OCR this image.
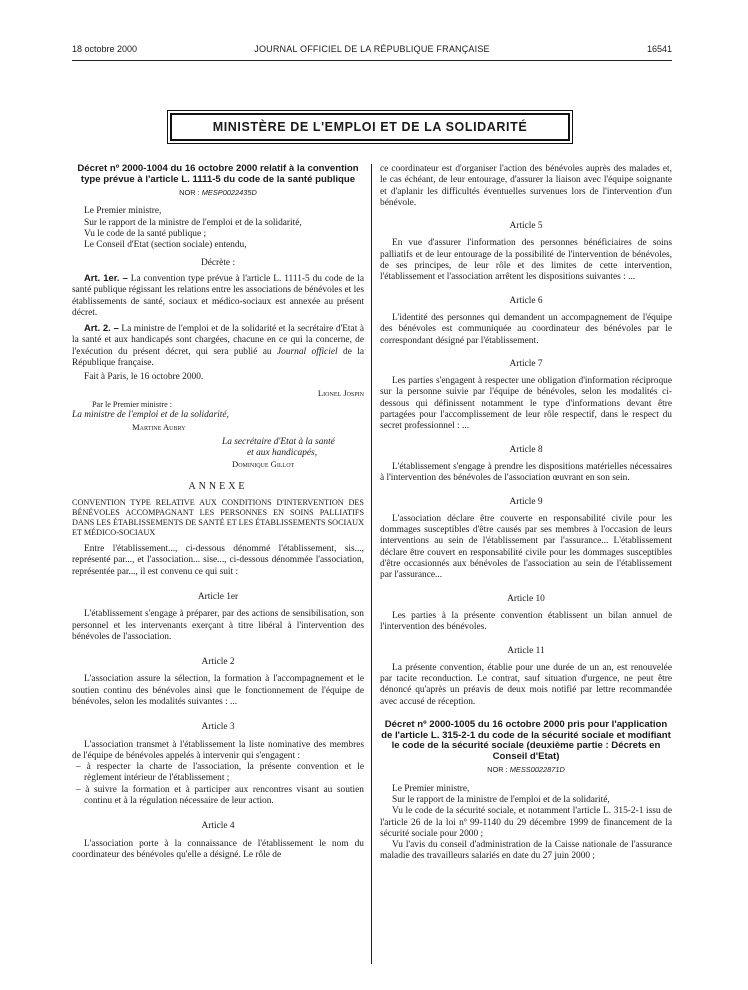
18 octobre 2000	JOURNAL OFFICIEL DE LA RÉPUBLIQUE FRANÇAISE	16541
MINISTÈRE DE L'EMPLOI ET DE LA SOLIDARITÉ
Décret nº 2000-1004 du 16 octobre 2000 relatif à la convention type prévue à l'article L. 1111-5 du code de la santé publique
NOR : MESP0022435D

Le Premier ministre,

Sur le rapport de la ministre de l'emploi et de la solidarité,

Vu le code de la santé publique ;

Le Conseil d'Etat (section sociale) entendu,

Décrète :

Art. 1er. – La convention type prévue à l'article L. 1111-5 du code de la santé publique régissant les relations entre les associations de bénévoles et les établissements de santé, sociaux et médico-sociaux est annexée au présent décret.

Art. 2. – La ministre de l'emploi et de la solidarité et la secrétaire d'Etat à la santé et aux handicapés sont chargées, chacune en ce qui la concerne, de l'exécution du présent décret, qui sera publié au Journal officiel de la République française.

Fait à Paris, le 16 octobre 2000.

Lionel Jospin

Par le Premier ministre :

La ministre de l'emploi et de la solidarité,

Martine Aubry

La secrétaire d'Etat à la santé

et aux handicapés,

Dominique Gillot

ANNEXE

CONVENTION TYPE RELATIVE AUX CONDITIONS D'INTERVENTION DES BÉNÉVOLES ACCOMPAGNANT LES PERSONNES EN SOINS PALLIATIFS DANS LES ÉTABLISSEMENTS DE SANTÉ ET LES ÉTABLISSEMENTS SOCIAUX ET MÉDICO-SOCIAUX

Entre l'établissement..., ci-dessous dénommé l'établissement, sis..., représenté par..., et l'association... sise..., ci-dessous dénommée l'association, représentée par..., il est convenu ce qui suit :

Article 1er

L'établissement s'engage à préparer, par des actions de sensibilisation, son personnel et les intervenants exerçant à titre libéral à l'intervention des bénévoles de l'association.

Article 2

L'association assure la sélection, la formation à l'accompagnement et le soutien continu des bénévoles ainsi que le fonctionnement de l'équipe de bénévoles, selon les modalités suivantes : ...

Article 3

L'association transmet à l'établissement la liste nominative des membres de l'équipe de bénévoles appelés à intervenir qui s'engagent :

– à respecter la charte de l'association, la présente convention et le règlement intérieur de l'établissement ;
– à suivre la formation et à participer aux rencontres visant au soutien continu et à la régulation nécessaire de leur action.

Article 4

L'association porte à la connaissance de l'établissement le nom du coordinateur des bénévoles qu'elle a désigné. Le rôle de

ce coordinateur est d'organiser l'action des bénévoles auprès des malades et, le cas échéant, de leur entourage, d'assurer la liaison avec l'équipe soignante et d'aplanir les difficultés éventuelles survenues lors de l'intervention d'un bénévole.

Article 5

En vue d'assurer l'information des personnes bénéficiaires de soins palliatifs et de leur entourage de la possibilité de l'intervention de bénévoles, de ses principes, de leur rôle et des limites de cette intervention, l'établissement et l'association arrêtent les dispositions suivantes : ...

Article 6

L'identité des personnes qui demandent un accompagnement de l'équipe des bénévoles est communiquée au coordinateur des bénévoles par le correspondant désigné par l'établissement.

Article 7

Les parties s'engagent à respecter une obligation d'information réciproque sur la personne suivie par l'équipe de bénévoles, selon les modalités ci-dessous qui définissent notamment le type d'informations devant être partagées pour l'accomplissement de leur rôle respectif, dans le respect du secret professionnel : ...

Article 8

L'établissement s'engage à prendre les dispositions matérielles nécessaires à l'intervention des bénévoles de l'association œuvrant en son sein.

Article 9

L'association déclare être couverte en responsabilité civile pour les dommages susceptibles d'être causés par ses membres à l'occasion de leurs interventions au sein de l'établissement par l'assurance... L'établissement déclare être couvert en responsabilité civile pour les dommages susceptibles d'être occasionnés aux bénévoles de l'association au sein de l'établissement par l'assurance...

Article 10

Les parties à la présente convention établissent un bilan annuel de l'intervention des bénévoles.

Article 11

La présente convention, établie pour une durée de un an, est renouvelée par tacite reconduction. Le contrat, sauf situation d'urgence, ne peut être dénoncé qu'après un préavis de deux mois notifié par lettre recommandée avec accusé de réception.

Décret nº 2000-1005 du 16 octobre 2000 pris pour l'application de l'article L. 315-2-1 du code de la sécurité sociale et modifiant le code de la sécurité sociale (deuxième partie : Décrets en Conseil d'Etat)
NOR : MESS0022871D

Le Premier ministre,

Sur le rapport de la ministre de l'emploi et de la solidarité,

Vu le code de la sécurité sociale, et notamment l'article L. 315-2-1 issu de l'article 26 de la loi nº 99-1140 du 29 décembre 1999 de financement de la sécurité sociale pour 2000 ;

Vu l'avis du conseil d'administration de la Caisse nationale de l'assurance maladie des travailleurs salariés en date du 27 juin 2000 ;
